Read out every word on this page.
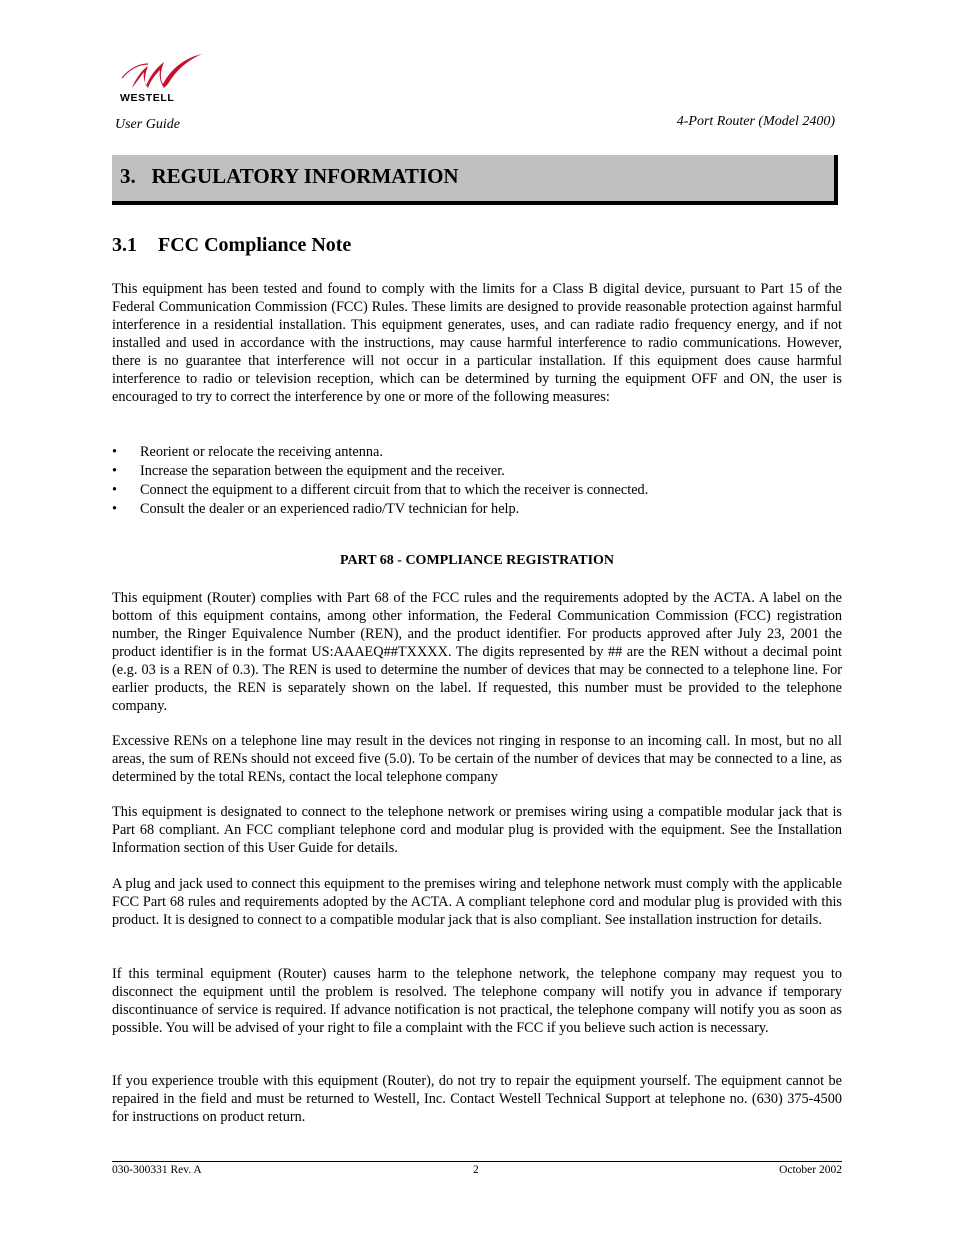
WESTELL
User Guide	4-Port Router (Model 2400)
3.   REGULATORY INFORMATION
3.1 FCC Compliance Note

This equipment has been tested and found to comply with the limits for a Class B digital device, pursuant to Part 15 of the Federal Communication Commission (FCC) Rules. These limits are designed to provide reasonable protection against harmful interference in a residential installation. This equipment generates, uses, and can radiate radio frequency energy, and if not installed and used in accordance with the instructions, may cause harmful interference to radio communications. However, there is no guarantee that interference will not occur in a particular installation. If this equipment does cause harmful interference to radio or television reception, which can be determined by turning the equipment OFF and ON, the user is encouraged to try to correct the interference by one or more of the following measures:

• Reorient or relocate the receiving antenna.
• Increase the separation between the equipment and the receiver.
• Connect the equipment to a different circuit from that to which the receiver is connected.
• Consult the dealer or an experienced radio/TV technician for help.
PART 68 - COMPLIANCE REGISTRATION

This equipment (Router) complies with Part 68 of the FCC rules and the requirements adopted by the ACTA. A label on the bottom of this equipment contains, among other information, the Federal Communication Commission (FCC) registration number, the Ringer Equivalence Number (REN), and the product identifier. For products approved after July 23, 2001 the product identifier is in the format US:AAAEQ##TXXXX. The digits represented by ## are the REN without a decimal point (e.g. 03 is a REN of 0.3). The REN is used to determine the number of devices that may be connected to a telephone line. For earlier products, the REN is separately shown on the label. If requested, this number must be provided to the telephone company.

Excessive RENs on a telephone line may result in the devices not ringing in response to an incoming call. In most, but no all areas, the sum of RENs should not exceed five (5.0). To be certain of the number of devices that may be connected to a line, as determined by the total RENs, contact the local telephone company

This equipment is designated to connect to the telephone network or premises wiring using a compatible modular jack that is Part 68 compliant. An FCC compliant telephone cord and modular plug is provided with the equipment. See the Installation Information section of this User Guide for details.

A plug and jack used to connect this equipment to the premises wiring and telephone network must comply with the applicable FCC Part 68 rules and requirements adopted by the ACTA. A compliant telephone cord and modular plug is provided with this product. It is designed to connect to a compatible modular jack that is also compliant. See installation instruction for details.

If this terminal equipment (Router) causes harm to the telephone network, the telephone company may request you to disconnect the equipment until the problem is resolved. The telephone company will notify you in advance if temporary discontinuance of service is required. If advance notification is not practical, the telephone company will notify you as soon as possible. You will be advised of your right to file a complaint with the FCC if you believe such action is necessary.

If you experience trouble with this equipment (Router), do not try to repair the equipment yourself. The equipment cannot be repaired in the field and must be returned to Westell, Inc. Contact Westell Technical Support at telephone no. (630) 375-4500 for instructions on product return.

030-300331 Rev. A	2	October 2002
